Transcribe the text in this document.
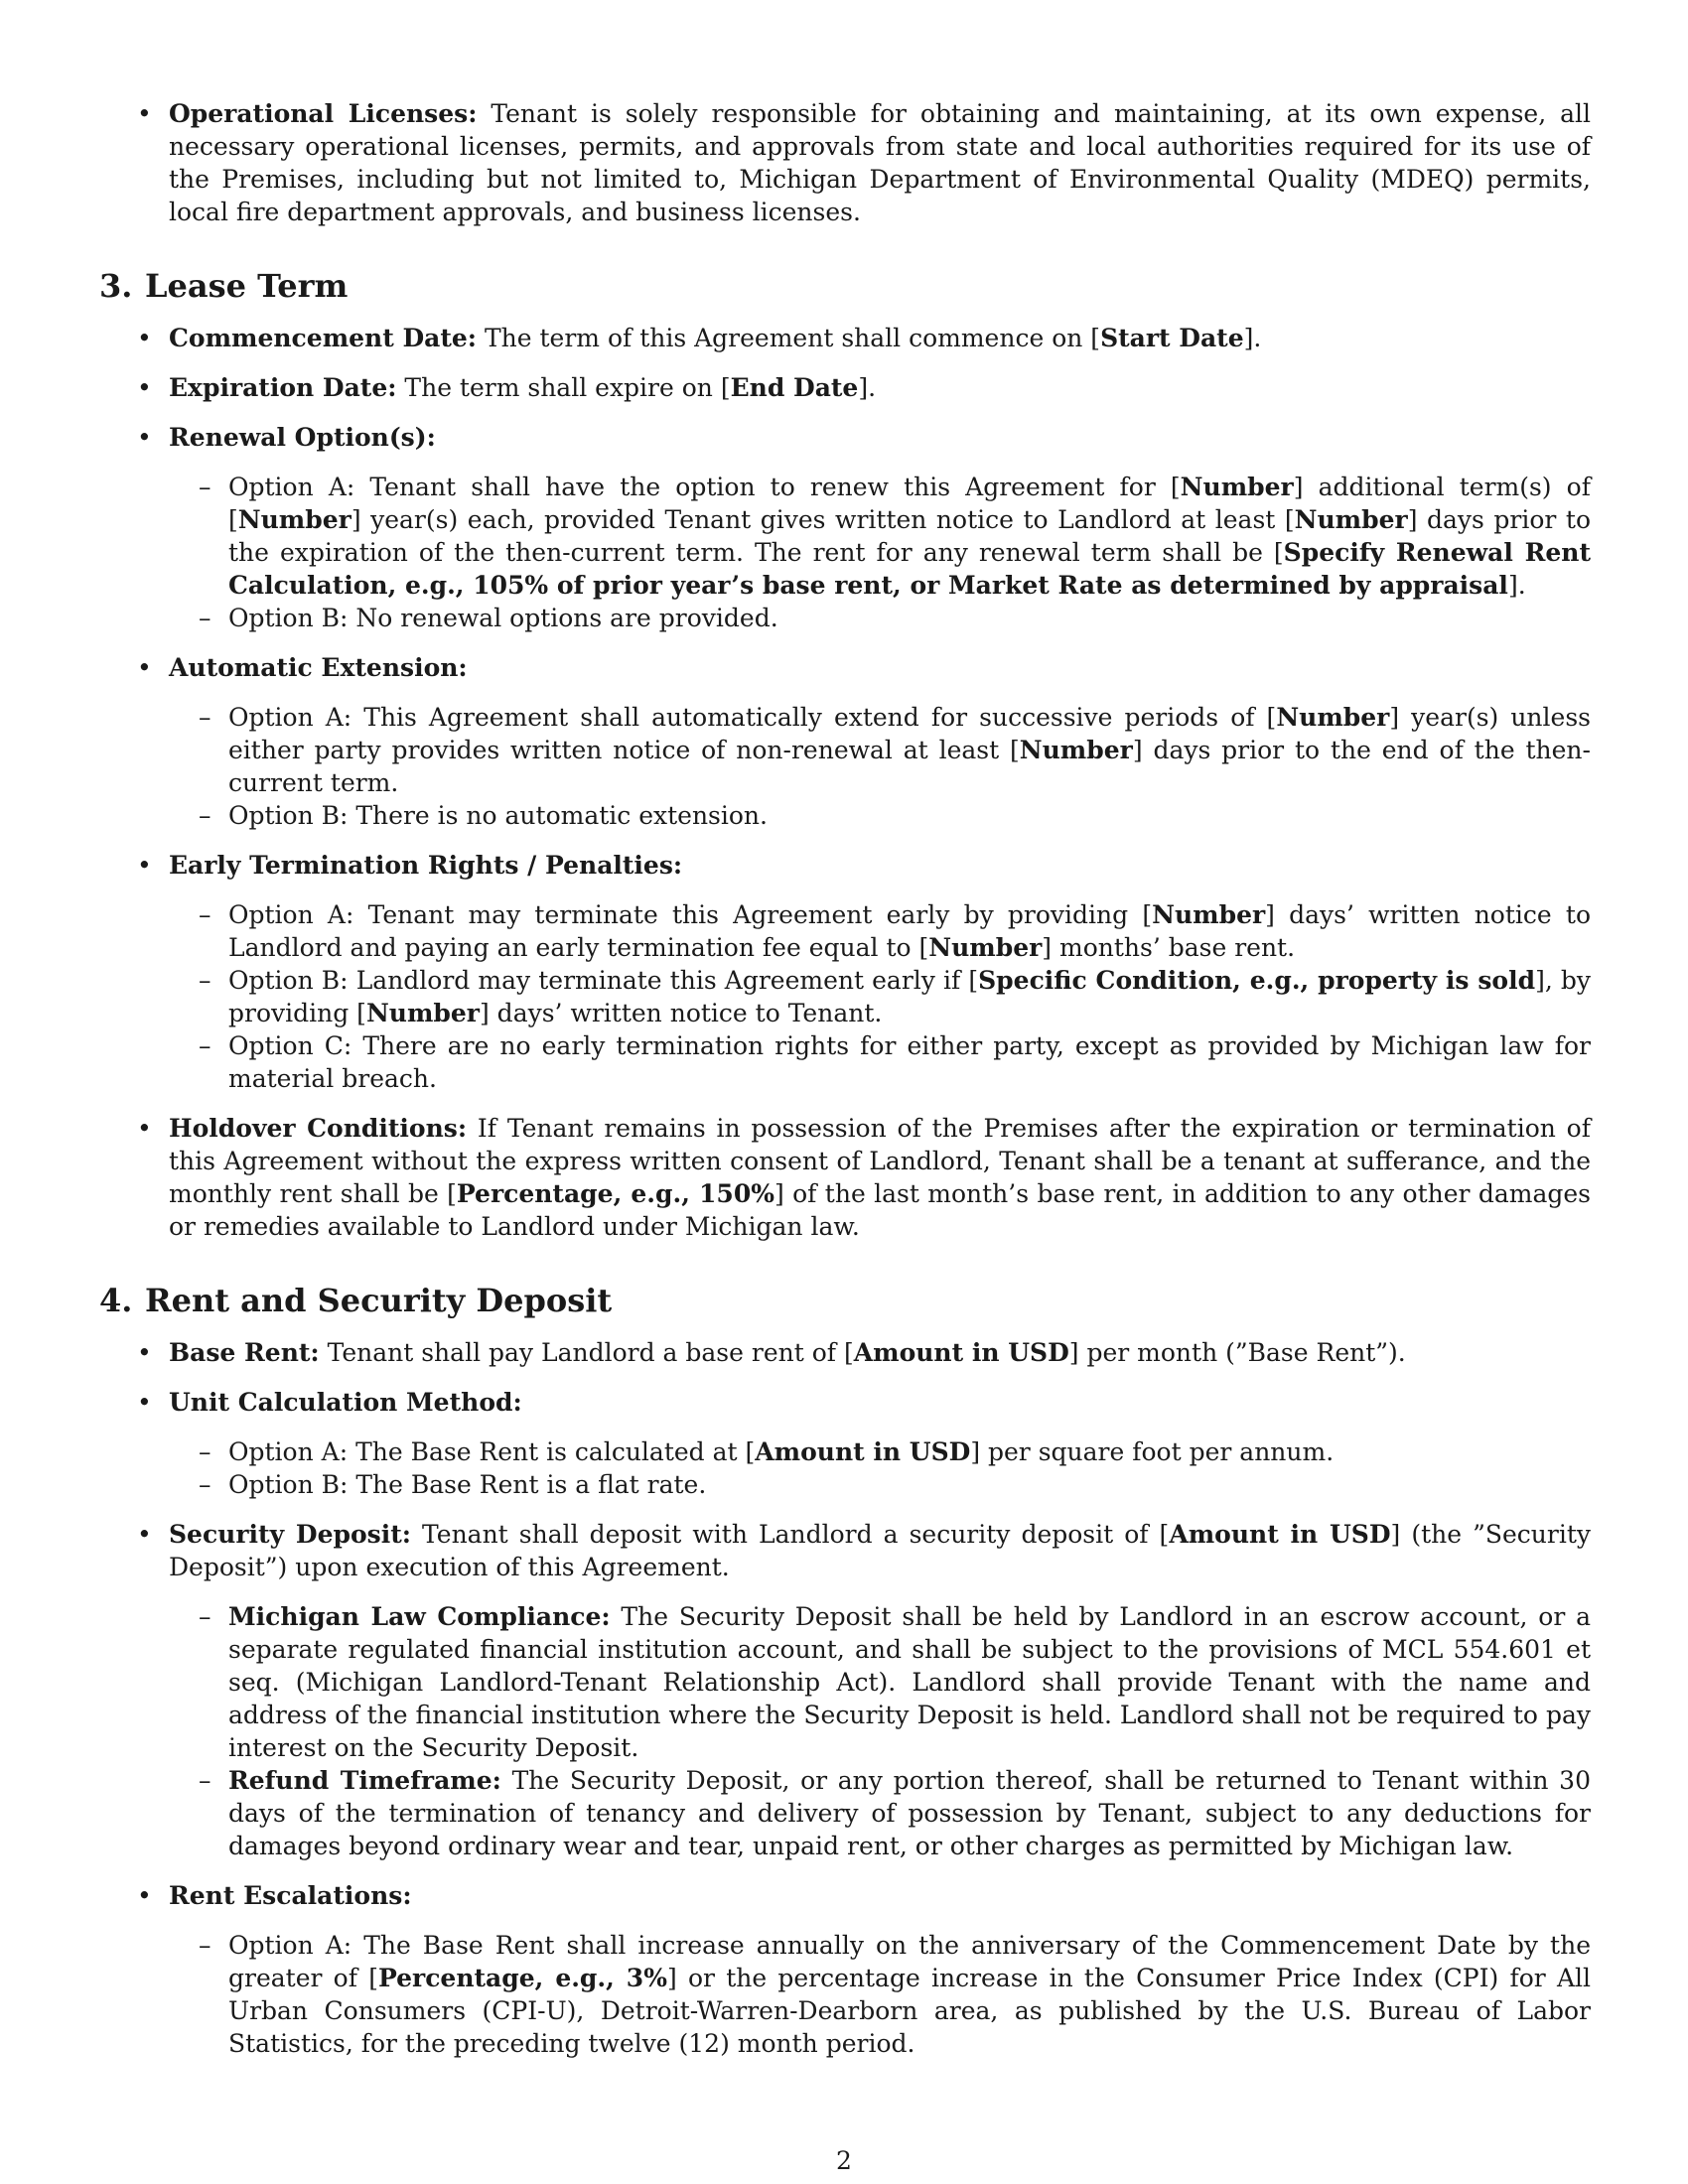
• Operational Licenses: Tenant is solely responsible for obtaining and maintaining, at its own expense, all necessary operational licenses, permits, and approvals from state and local authorities required for its use of the Premises, including but not limited to, Michigan Department of Environmental Quality (MDEQ) permits, local fire department approvals, and business licenses.
3. Lease Term
• Commencement Date: The term of this Agreement shall commence on [Start Date].
• Expiration Date: The term shall expire on [End Date].
• Renewal Option(s):
– Option A: Tenant shall have the option to renew this Agreement for [Number] additional term(s) of [Number] year(s) each, provided Tenant gives written notice to Landlord at least [Number] days prior to the expiration of the then-current term. The rent for any renewal term shall be [Specify Renewal Rent Calculation, e.g., 105% of prior year’s base rent, or Market Rate as determined by appraisal].
– Option B: No renewal options are provided.
• Automatic Extension:
– Option A: This Agreement shall automatically extend for successive periods of [Number] year(s) unless either party provides written notice of non-renewal at least [Number] days prior to the end of the then-current term.
– Option B: There is no automatic extension.
• Early Termination Rights / Penalties:
– Option A: Tenant may terminate this Agreement early by providing [Number] days’ written notice to Landlord and paying an early termination fee equal to [Number] months’ base rent.
– Option B: Landlord may terminate this Agreement early if [Specific Condition, e.g., property is sold], by providing [Number] days’ written notice to Tenant.
– Option C: There are no early termination rights for either party, except as provided by Michigan law for material breach.
• Holdover Conditions: If Tenant remains in possession of the Premises after the expiration or termination of this Agreement without the express written consent of Landlord, Tenant shall be a tenant at sufferance, and the monthly rent shall be [Percentage, e.g., 150%] of the last month’s base rent, in addition to any other damages or remedies available to Landlord under Michigan law.
4. Rent and Security Deposit
• Base Rent: Tenant shall pay Landlord a base rent of [Amount in USD] per month (”Base Rent”).
• Unit Calculation Method:
– Option A: The Base Rent is calculated at [Amount in USD] per square foot per annum.
– Option B: The Base Rent is a flat rate.
• Security Deposit: Tenant shall deposit with Landlord a security deposit of [Amount in USD] (the ”Security Deposit”) upon execution of this Agreement.
– Michigan Law Compliance: The Security Deposit shall be held by Landlord in an escrow account, or a separate regulated financial institution account, and shall be subject to the provisions of MCL 554.601 et seq. (Michigan Landlord-Tenant Relationship Act). Landlord shall provide Tenant with the name and address of the financial institution where the Security Deposit is held. Landlord shall not be required to pay interest on the Security Deposit.
– Refund Timeframe: The Security Deposit, or any portion thereof, shall be returned to Tenant within 30 days of the termination of tenancy and delivery of possession by Tenant, subject to any deductions for damages beyond ordinary wear and tear, unpaid rent, or other charges as permitted by Michigan law.
• Rent Escalations:
– Option A: The Base Rent shall increase annually on the anniversary of the Commencement Date by the greater of [Percentage, e.g., 3%] or the percentage increase in the Consumer Price Index (CPI) for All Urban Consumers (CPI-U), Detroit-Warren-Dearborn area, as published by the U.S. Bureau of Labor Statistics, for the preceding twelve (12) month period.
2
